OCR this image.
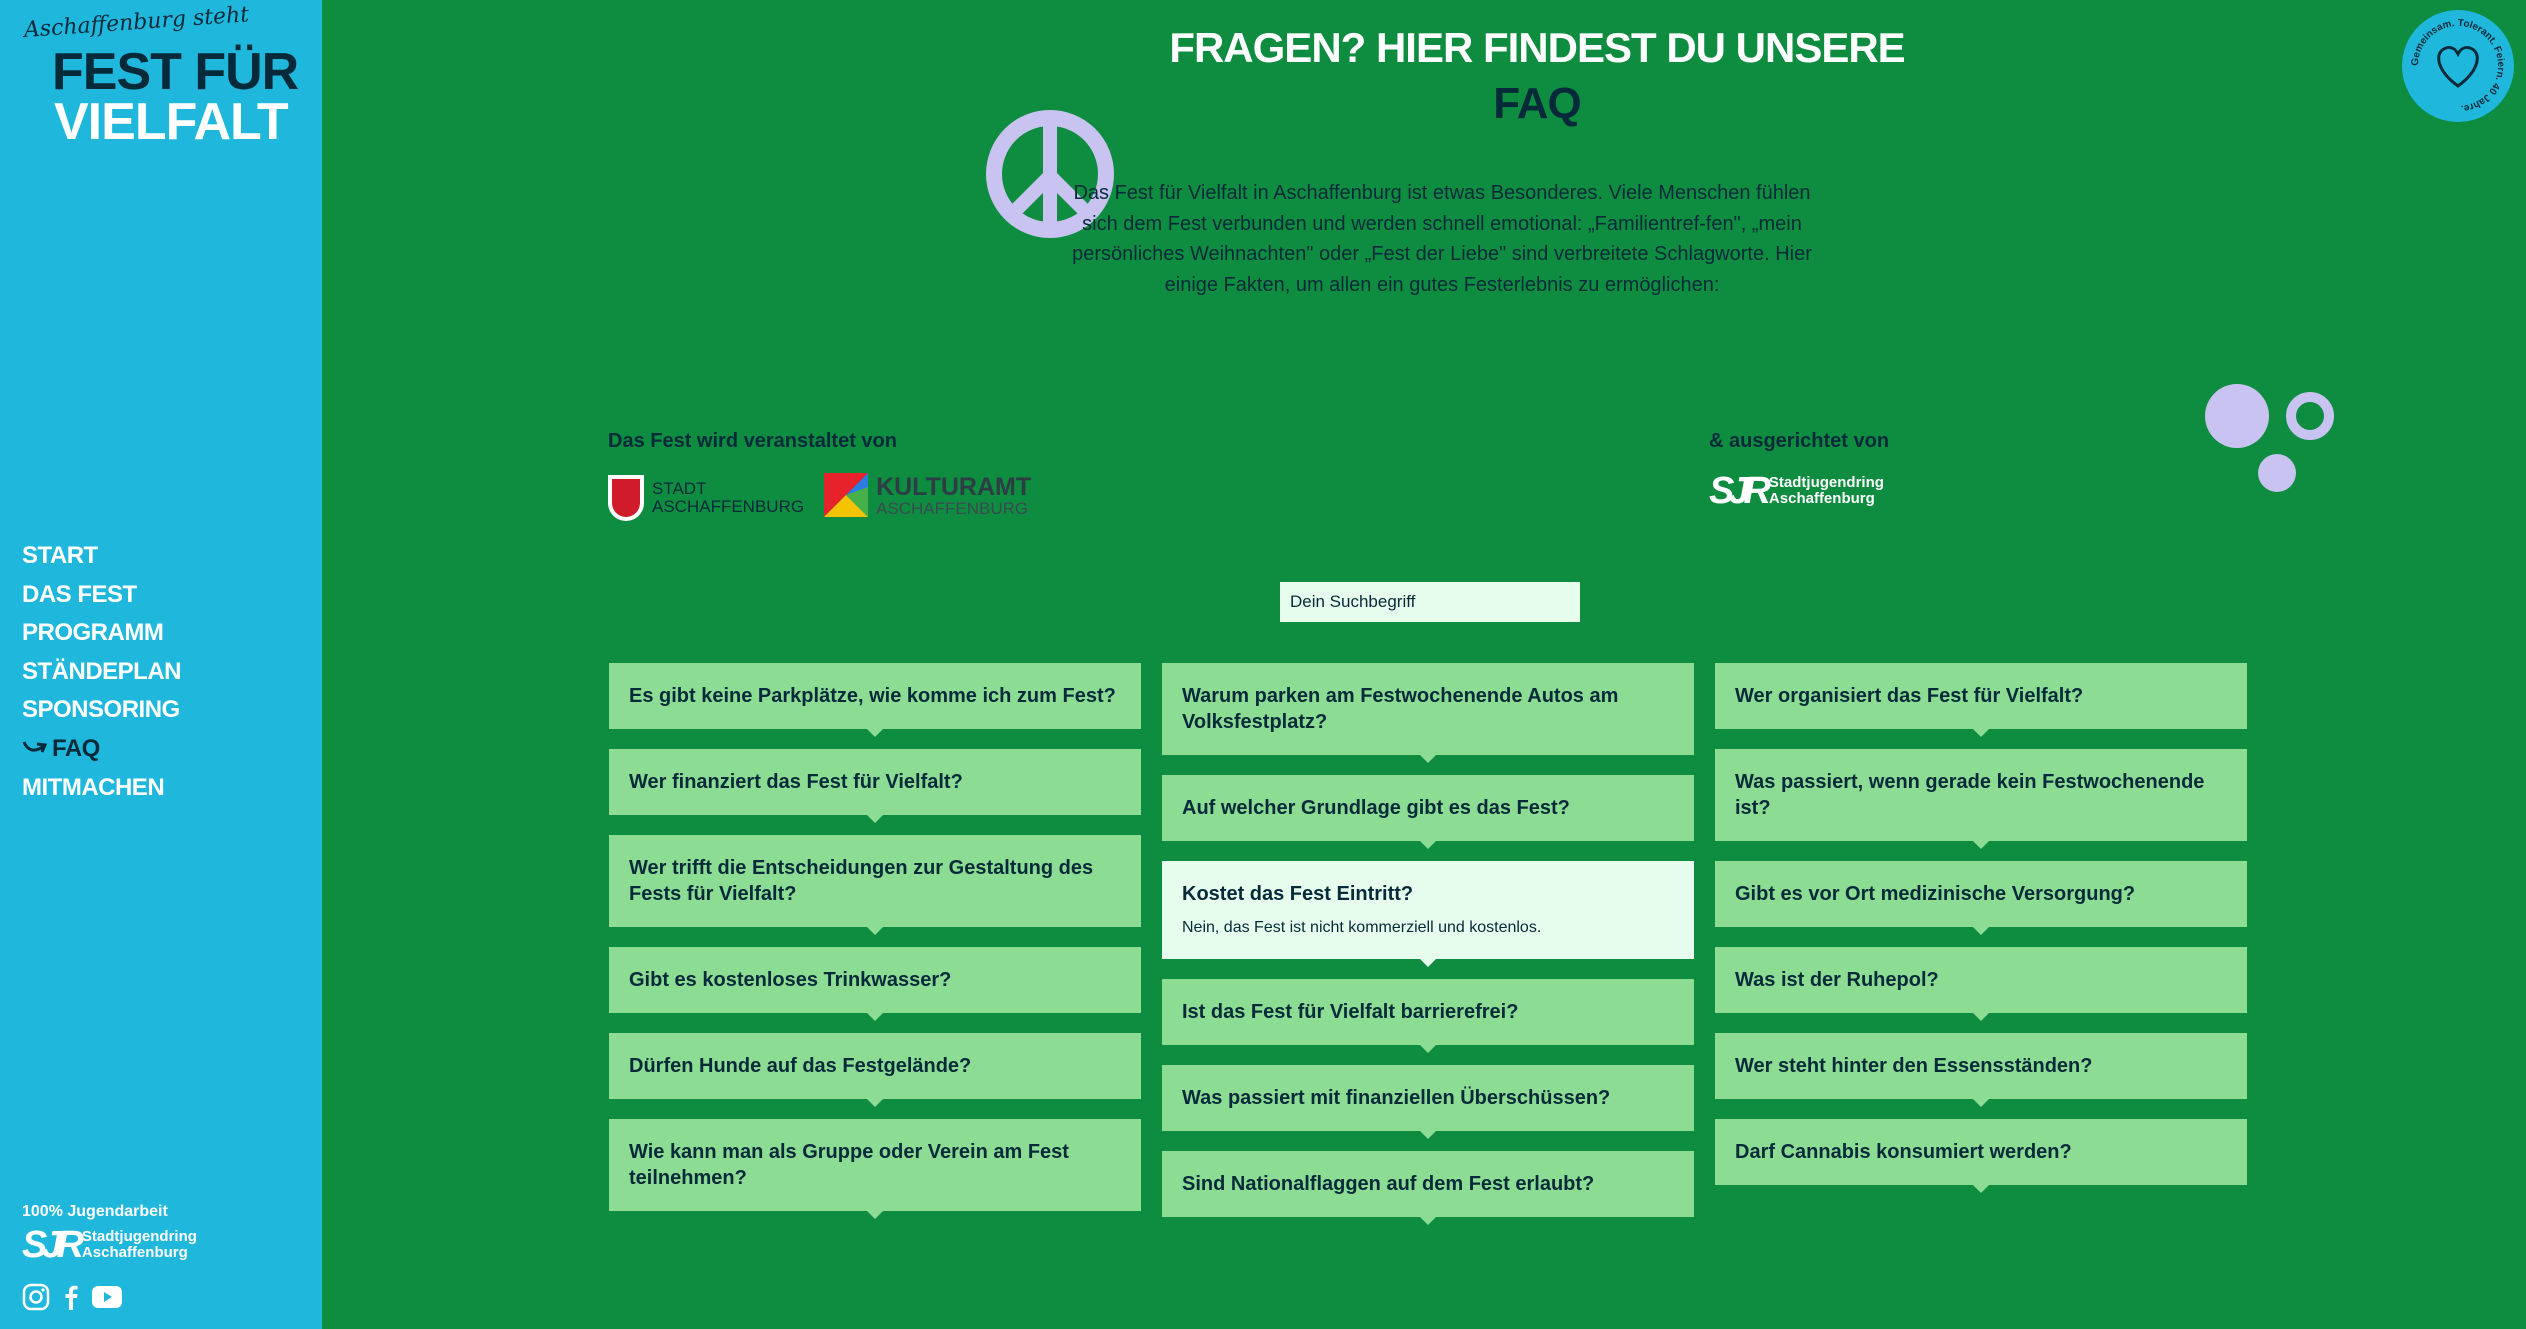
Aschaffenburg steht
FEST FÜR
VIELFALT
START
DAS FEST
PROGRAMM
STÄNDEPLAN
SPONSORING
FAQ
MITMACHEN
100% Jugendarbeit
SJR Stadtjugendring
Aschaffenburg
FRAGEN? HIER FINDEST DU UNSERE
FAQ

Das Fest für Vielfalt in Aschaffenburg ist etwas Besonderes. Viele Menschen fühlen sich dem Fest verbunden und werden schnell emotional: „Familientref-fen", „mein persönliches Weihnachten" oder „Fest der Liebe" sind verbreitete Schlagworte. Hier einige Fakten, um allen ein gutes Festerlebnis zu ermöglichen:

Gemeinsam. Tolerant. Feiern. 40 Jahre.
Das Fest wird veranstaltet von
STADT
ASCHAFFENBURG
KULTURAMT
ASCHAFFENBURG
& ausgerichtet von
SJR Stadtjugendring
Aschaffenburg
Dein Suchbegriff
Es gibt keine Parkplätze, wie komme ich zum Fest?
Wer finanziert das Fest für Vielfalt?
Wer trifft die Entscheidungen zur Gestaltung des Fests für Vielfalt?
Gibt es kostenloses Trinkwasser?
Dürfen Hunde auf das Festgelände?
Wie kann man als Gruppe oder Verein am Fest teilnehmen?
Warum parken am Festwochenende Autos am Volksfestplatz?
Auf welcher Grundlage gibt es das Fest?
Kostet das Fest Eintritt?
Nein, das Fest ist nicht kommerziell und kostenlos.
Ist das Fest für Vielfalt barrierefrei?
Was passiert mit finanziellen Überschüssen?
Sind Nationalflaggen auf dem Fest erlaubt?
Wer organisiert das Fest für Vielfalt?
Was passiert, wenn gerade kein Festwochenende ist?
Gibt es vor Ort medizinische Versorgung?
Was ist der Ruhepol?
Wer steht hinter den Essensständen?
Darf Cannabis konsumiert werden?
